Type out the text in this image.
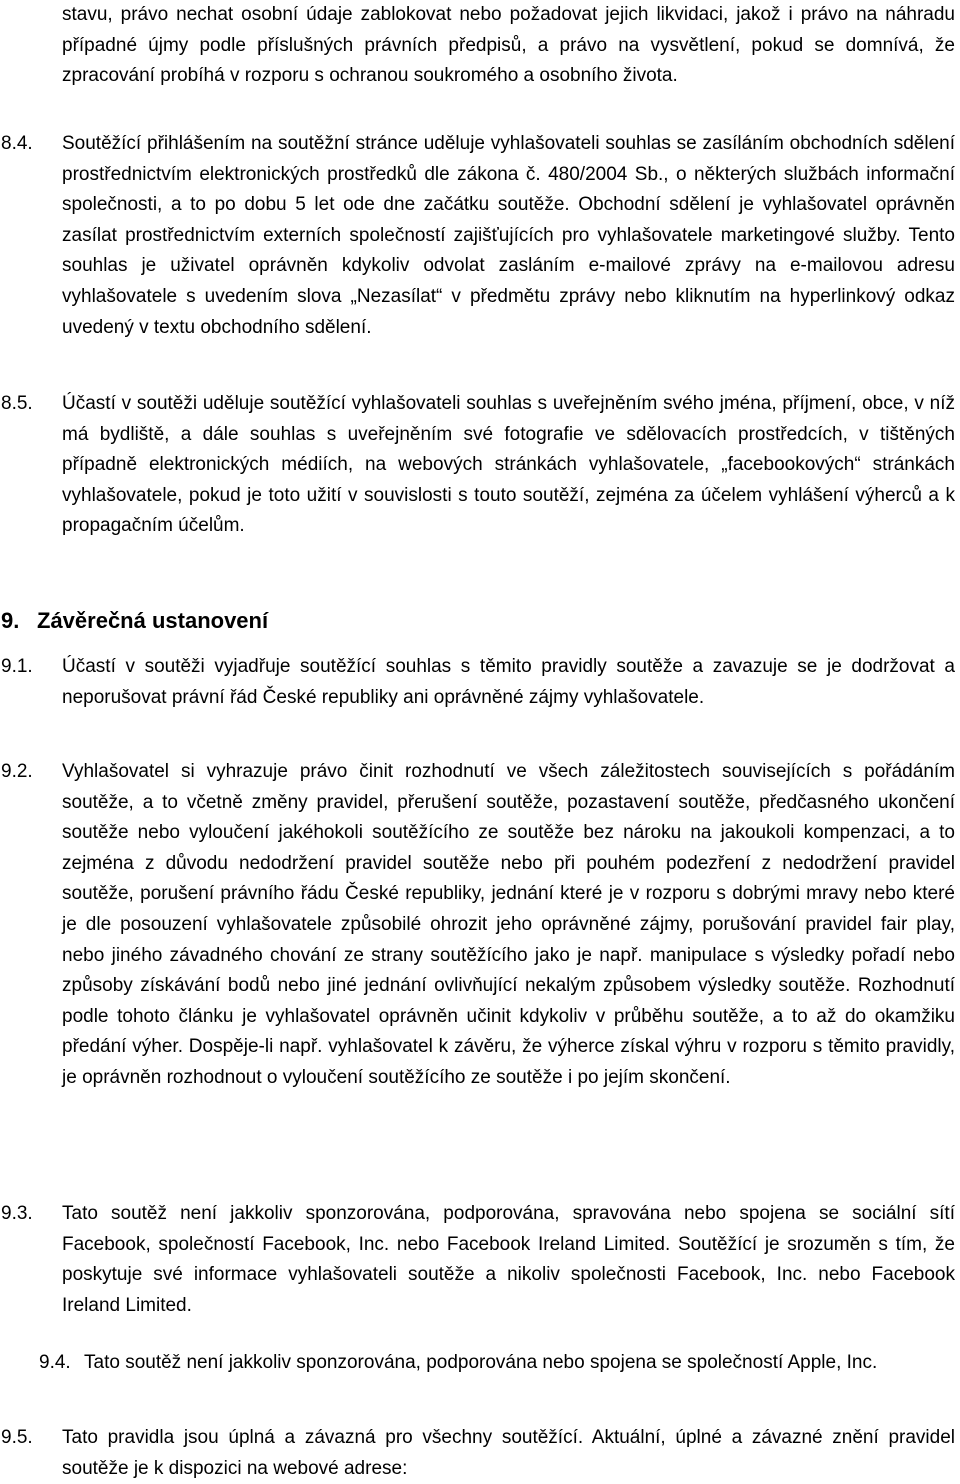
stavu, právo nechat osobní údaje zablokovat nebo požadovat jejich likvidaci, jakož i právo na náhradu případné újmy podle příslušných právních předpisů, a právo na vysvětlení, pokud se domnívá, že zpracování probíhá v rozporu s ochranou soukromého a osobního života.

8.4. Soutěžící přihlášením na soutěžní stránce uděluje vyhlašovateli souhlas se zasíláním obchodních sdělení prostřednictvím elektronických prostředků dle zákona č. 480/2004 Sb., o některých službách informační společnosti, a to po dobu 5 let ode dne začátku soutěže. Obchodní sdělení je vyhlašovatel oprávněn zasílat prostřednictvím externích společností zajišťujících pro vyhlašovatele marketingové služby. Tento souhlas je uživatel oprávněn kdykoliv odvolat zasláním e-mailové zprávy na e-mailovou adresu vyhlašovatele s uvedením slova „Nezasílat“ v předmětu zprávy nebo kliknutím na hyperlinkový odkaz uvedený v textu obchodního sdělení.

8.5. Účastí v soutěži uděluje soutěžící vyhlašovateli souhlas s uveřejněním svého jména, příjmení, obce, v níž má bydliště, a dále souhlas s uveřejněním své fotografie ve sdělovacích prostředcích, v tištěných případně elektronických médiích, na webových stránkách vyhlašovatele, „facebookových“ stránkách vyhlašovatele, pokud je toto užití v souvislosti s touto soutěží, zejména za účelem vyhlášení výherců a k propagačním účelům.

9. Závěrečná ustanovení
9.1. Účastí v soutěži vyjadřuje soutěžící souhlas s těmito pravidly soutěže a zavazuje se je dodržovat a neporušovat právní řád České republiky ani oprávněné zájmy vyhlašovatele.

9.2. Vyhlašovatel si vyhrazuje právo činit rozhodnutí ve všech záležitostech souvisejících s pořádáním soutěže, a to včetně změny pravidel, přerušení soutěže, pozastavení soutěže, předčasného ukončení soutěže nebo vyloučení jakéhokoli soutěžícího ze soutěže bez nároku na jakoukoli kompenzaci, a to zejména z důvodu nedodržení pravidel soutěže nebo při pouhém podezření z nedodržení pravidel soutěže, porušení právního řádu České republiky, jednání které je v rozporu s dobrými mravy nebo které je dle posouzení vyhlašovatele způsobilé ohrozit jeho oprávněné zájmy, porušování pravidel fair play, nebo jiného závadného chování ze strany soutěžícího jako je např. manipulace s výsledky pořadí nebo způsoby získávání bodů nebo jiné jednání ovlivňující nekalým způsobem výsledky soutěže. Rozhodnutí podle tohoto článku je vyhlašovatel oprávněn učinit kdykoliv v průběhu soutěže, a to až do okamžiku předání výher. Dospěje-li např. vyhlašovatel k závěru, že výherce získal výhru v rozporu s těmito pravidly, je oprávněn rozhodnout o vyloučení soutěžícího ze soutěže i po jejím skončení.

9.3. Tato soutěž není jakkoliv sponzorována, podporována, spravována nebo spojena se sociální sítí Facebook, společností Facebook, Inc. nebo Facebook Ireland Limited. Soutěžící je srozuměn s tím, že poskytuje své informace vyhlašovateli soutěže a nikoliv společnosti Facebook, Inc. nebo Facebook Ireland Limited.

9.4. Tato soutěž není jakkoliv sponzorována, podporována nebo spojena se společností Apple, Inc.

9.5. Tato pravidla jsou úplná a závazná pro všechny soutěžící. Aktuální, úplné a závazné znění pravidel soutěže je k dispozici na webové adrese:
